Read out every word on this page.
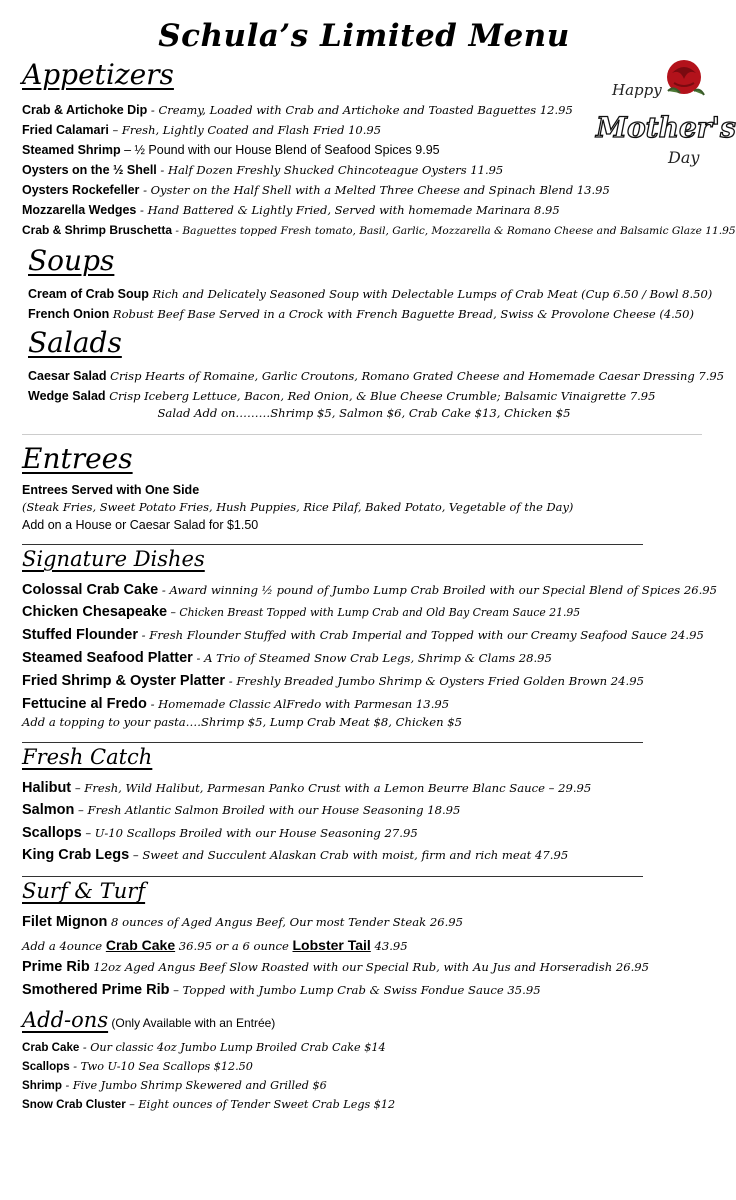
Schula’s Limited Menu
Happy
Mother's
Day
Appetizers
Crab & Artichoke Dip - Creamy, Loaded with Crab and Artichoke and Toasted Baguettes 12.95
Fried Calamari – Fresh, Lightly Coated and Flash Fried 10.95
Steamed Shrimp – ½ Pound with our House Blend of Seafood Spices 9.95
Oysters on the ½ Shell - Half Dozen Freshly Shucked Chincoteague Oysters 11.95
Oysters Rockefeller - Oyster on the Half Shell with a Melted Three Cheese and Spinach Blend 13.95
Mozzarella Wedges - Hand Battered & Lightly Fried, Served with homemade Marinara 8.95
Crab & Shrimp Bruschetta - Baguettes topped Fresh tomato, Basil, Garlic, Mozzarella & Romano Cheese and Balsamic Glaze 11.95
Soups
Cream of Crab Soup Rich and Delicately Seasoned Soup with Delectable Lumps of Crab Meat (Cup 6.50 / Bowl 8.50)
French Onion Robust Beef Base Served in a Crock with French Baguette Bread, Swiss & Provolone Cheese (4.50)
Salads
Caesar Salad Crisp Hearts of Romaine, Garlic Croutons, Romano Grated Cheese and Homemade Caesar Dressing 7.95
Wedge Salad Crisp Iceberg Lettuce, Bacon, Red Onion, & Blue Cheese Crumble; Balsamic Vinaigrette 7.95
Salad Add on………Shrimp $5, Salmon $6, Crab Cake $13, Chicken $5
Entrees
Entrees Served with One Side
(Steak Fries, Sweet Potato Fries, Hush Puppies, Rice Pilaf, Baked Potato, Vegetable of the Day)
Add on a House or Caesar Salad for $1.50
Signature Dishes
Colossal Crab Cake - Award winning ½ pound of Jumbo Lump Crab Broiled with our Special Blend of Spices 26.95
Chicken Chesapeake – Chicken Breast Topped with Lump Crab and Old Bay Cream Sauce 21.95
Stuffed Flounder - Fresh Flounder Stuffed with Crab Imperial and Topped with our Creamy Seafood Sauce 24.95
Steamed Seafood Platter - A Trio of Steamed Snow Crab Legs, Shrimp & Clams 28.95
Fried Shrimp & Oyster Platter - Freshly Breaded Jumbo Shrimp & Oysters Fried Golden Brown 24.95
Fettucine al Fredo - Homemade Classic AlFredo with Parmesan 13.95
Add a topping to your pasta….Shrimp $5, Lump Crab Meat $8, Chicken $5
Fresh Catch
Halibut – Fresh, Wild Halibut, Parmesan Panko Crust with a Lemon Beurre Blanc Sauce – 29.95
Salmon – Fresh Atlantic Salmon Broiled with our House Seasoning 18.95
Scallops – U-10 Scallops Broiled with our House Seasoning 27.95
King Crab Legs – Sweet and Succulent Alaskan Crab with moist, firm and rich meat 47.95
Surf & Turf
Filet Mignon 8 ounces of Aged Angus Beef, Our most Tender Steak 26.95
Add a 4ounce Crab Cake 36.95 or a 6 ounce Lobster Tail 43.95
Prime Rib 12oz Aged Angus Beef Slow Roasted with our Special Rub, with Au Jus and Horseradish 26.95
Smothered Prime Rib – Topped with Jumbo Lump Crab & Swiss Fondue Sauce 35.95
Add-ons (Only Available with an Entrée)
Crab Cake - Our classic 4oz Jumbo Lump Broiled Crab Cake $14
Scallops - Two U-10 Sea Scallops $12.50
Shrimp - Five Jumbo Shrimp Skewered and Grilled $6
Snow Crab Cluster – Eight ounces of Tender Sweet Crab Legs $12
